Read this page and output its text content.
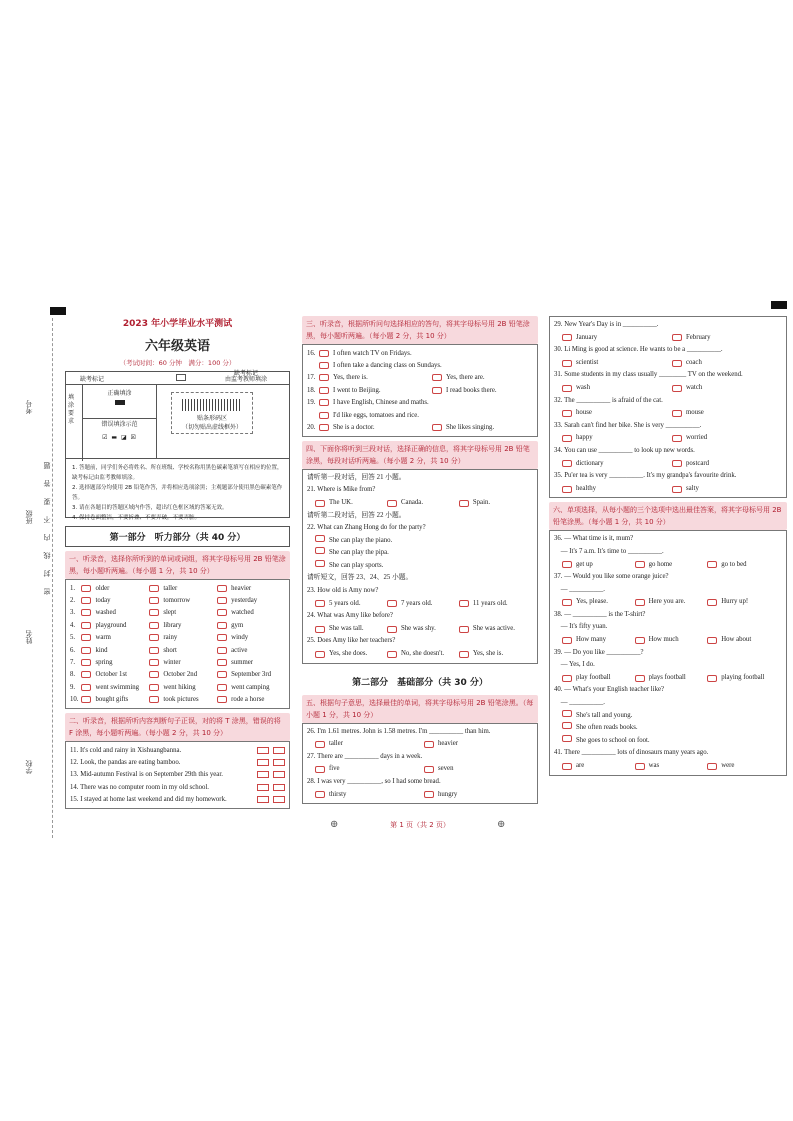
考号
班级
姓名
学校
密　封　线　内　不　要　答　题
2023 年小学毕业水平测试
六年级英语
（考试时间：60 分钟　满分：100 分）
缺考标记
缺考标记
由监考教师填涂
填涂要求
正确填涂
错误填涂示范
☑ ▬ ◪ ☒
贴条形码区
（切勿贴出虚线框外）
1. 答题前，同学们务必将姓名、所在班级、学校名称用黑色碳素笔填写在相应的位置，缺考标记由监考教师填涂。
2. 选择题部分均使用 2B 铅笔作答，并将相应选项涂黑；主观题部分使用黑色碳素笔作答。
3. 请在各题目的答题区域内作答，超出红色框区域的答案无效。
4. 保持卷面整洁，不要折叠、不要弄破，不要弄脏。
第一部分　听力部分（共 40 分）
一、听录音，选择你所听到的单词或词组，将其字母标号用 2B 铅笔涂黑，每小题听两遍。（每小题 1 分，共 10 分）
1.	older	taller	heavier
2.	today	tomorrow	yesterday
3.	washed	slept	watched
4.	playground	library	gym
5.	warm	rainy	windy
6.	kind	short	active
7.	spring	winter	summer
8.	October 1st	October 2nd	September 3rd
9.	went swimming	went hiking	went camping
10.	bought gifts	took pictures	rode a horse
二、听录音，根据所听内容判断句子正误，对的将 T 涂黑，错误的将 F 涂黑，每小题听两遍。（每小题 2 分，共 10 分）
11. It's cold and rainy in Xishuangbanna.
12. Look, the pandas are eating bamboo.
13. Mid-autumn Festival is on September 29th this year.
14. There was no computer room in my old school.
15. I stayed at home last weekend and did my homework.
三、听录音，根据所听问句选择相应的答句，将其字母标号用 2B 铅笔涂黑，每小题听两遍。（每小题 2 分，共 10 分）
16.	I often watch TV on Fridays.
I often take a dancing class on Sundays.
17.	Yes, there is.	Yes, there are.
18.	I went to Beijing.	I read books there.
19.	I have English, Chinese and maths.
I'd like eggs, tomatoes and rice.
20.	She is a doctor.	She likes singing.
四、下面你将听到三段对话，选择正确的信息，将其字母标号用 2B 铅笔涂黑，每段对话听两遍。（每小题 2 分，共 10 分）
请听第一段对话，回答 21 小题。
21. Where is Mike from?
The UK.	Canada.	Spain.
请听第二段对话，回答 22 小题。
22. What can Zhang Hong do for the party?
She can play the piano.
She can play the pipa.
She can play sports.
请听短文，回答 23、24、25 小题。
23. How old is Amy now?
5 years old.	7 years old.	11 years old.
24. What was Amy like before?
She was tall.	She was shy.	She was active.
25. Does Amy like her teachers?
Yes, she does.	No, she doesn't.	Yes, she is.
第二部分　基础部分（共 30 分）
五、根据句子意思，选择最佳的单词，将其字母标号用 2B 铅笔涂黑。（每小题 1 分，共 10 分）
26. I'm 1.61 metres. John is 1.58 metres. I'm __________ than him.
taller	heavier
27. There are __________ days in a week.
five	seven
28. I was very __________, so I had some bread.
thirsty	hungry
29. New Year's Day is in __________.
January	February
30. Li Ming is good at science. He wants to be a __________.
scientist	coach
31. Some students in my class usually ________ TV on the weekend.
wash	watch
32. The __________ is afraid of the cat.
house	mouse
33. Sarah can't find her bike. She is very __________.
happy	worried
34. You can use __________ to look up new words.
dictionary	postcard
35. Pu'er tea is very __________. It's my grandpa's favourite drink.
healthy	salty
六、单项选择，从每小题的三个选项中选出最佳答案，将其字母标号用 2B 铅笔涂黑。（每小题 1 分，共 10 分）
36. — What time is it, mum?
　— It's 7 a.m. It's time to __________.
get up	go home	go to bed
37. — Would you like some orange juice?
　— __________.
Yes, please.	Here you are.	Hurry up!
38. — __________ is the T-shirt?
　— It's fifty yuan.
How many	How much	How about
39. — Do you like __________?
　— Yes, I do.
play football	plays football	playing football
40. — What's your English teacher like?
　— __________.
She's tall and young.
She often reads books.
She goes to school on foot.
41. There __________ lots of dinosaurs many years ago.
are	was	were
⊕	⊕
第 1 页（共 2 页）
